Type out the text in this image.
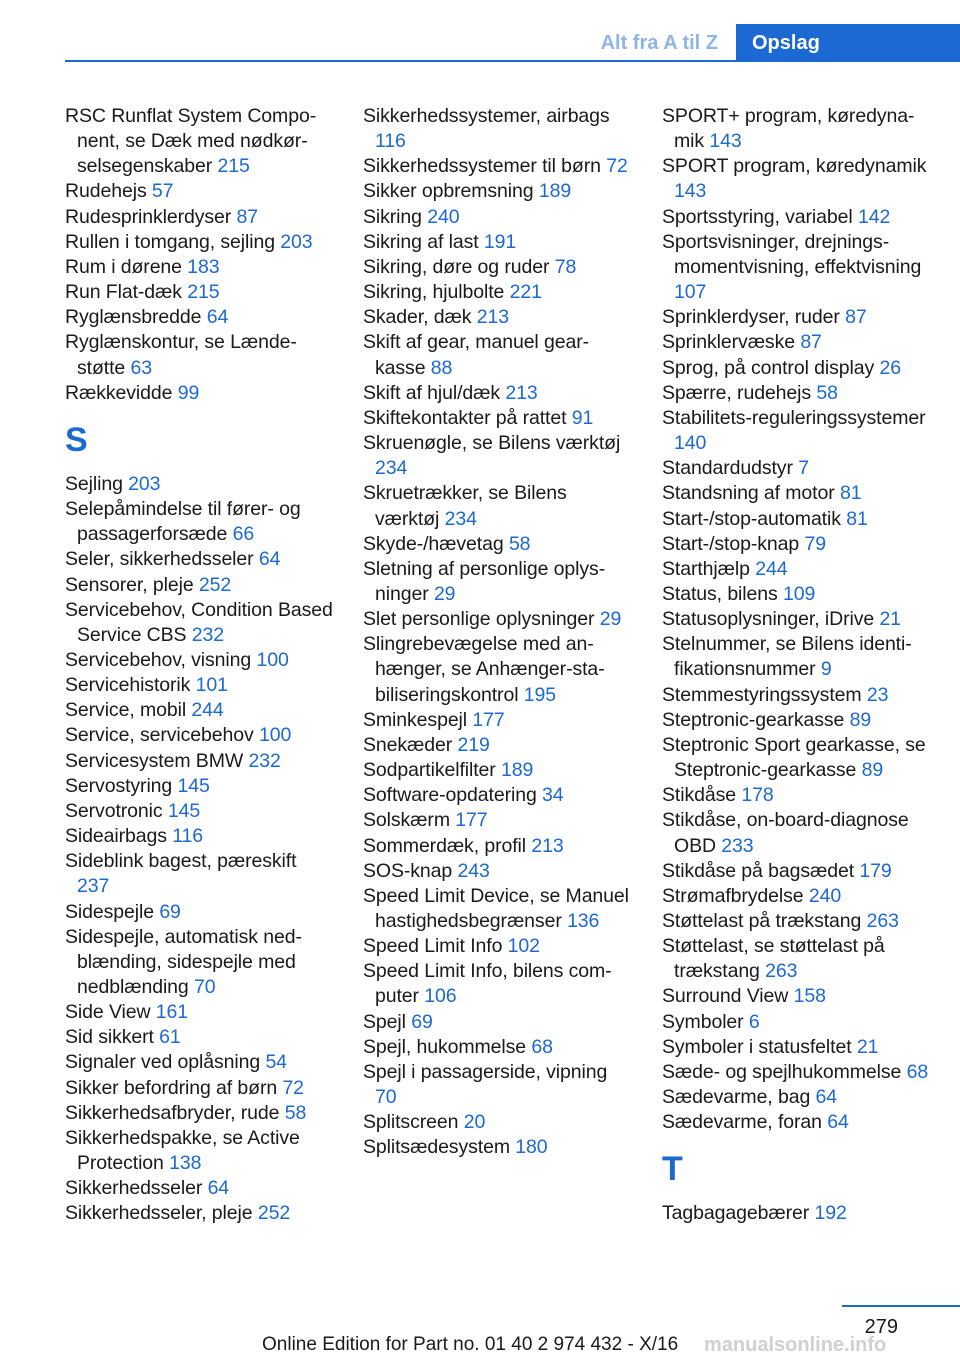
Alt fra A til Z	Opslag
RSC Runflat System Component, se Dæk med nødkørselsegenskaber 215
Rudehejs 57
Rudesprinklerdyser 87
Rullen i tomgang, sejling 203
Rum i dørene 183
Run Flat-dæk 215
Ryglænsbredde 64
Ryglænskontur, se Lændestøtte 63
Rækkevidde 99
S
Sejling 203
Selepåmindelse til fører- og passagerforsæde 66
Seler, sikkerhedsseler 64
Sensorer, pleje 252
Servicebehov, Condition Based Service CBS 232
Servicebehov, visning 100
Servicehistorik 101
Service, mobil 244
Service, servicebehov 100
Servicesystem BMW 232
Servostyring 145
Servotronic 145
Sideairbags 116
Sideblink bagest, pæreskift 237
Sidespejle 69
Sidespejle, automatisk nedblænding, sidespejle med nedblænding 70
Side View 161
Sid sikkert 61
Signaler ved oplåsning 54
Sikker befordring af børn 72
Sikkerhedsafbryder, rude 58
Sikkerhedspakke, se Active Protection 138
Sikkerhedsseler 64
Sikkerhedsseler, pleje 252
Sikkerhedssystemer, airbags 116
Sikkerhedssystemer til børn 72
Sikker opbremsning 189
Sikring 240
Sikring af last 191
Sikring, døre og ruder 78
Sikring, hjulbolte 221
Skader, dæk 213
Skift af gear, manuel gearkasse 88
Skift af hjul/dæk 213
Skiftekontakter på rattet 91
Skruenøgle, se Bilens værktøj 234
Skruetrækker, se Bilens værktøj 234
Skyde-/hævetag 58
Sletning af personlige oplysninger 29
Slet personlige oplysninger 29
Slingrebevægelse med anhænger, se Anhænger-stabiliseringskontrol 195
Sminkespejl 177
Snekæder 219
Sodpartikelfilter 189
Software-opdatering 34
Solskærm 177
Sommerdæk, profil 213
SOS-knap 243
Speed Limit Device, se Manuel hastighedsbegrænser 136
Speed Limit Info 102
Speed Limit Info, bilens computer 106
Spejl 69
Spejl, hukommelse 68
Spejl i passagerside, vipning 70
Splitscreen 20
Splitsædesystem 180
SPORT+ program, køredynamik 143
SPORT program, køredynamik 143
Sportsstyring, variabel 142
Sportsvisninger, drejningsmomentvisning, effektvisning 107
Sprinklerdyser, ruder 87
Sprinklervæske 87
Sprog, på control display 26
Spærre, rudehejs 58
Stabilitets-reguleringssystemer 140
Standardudstyr 7
Standsning af motor 81
Start-/stop-automatik 81
Start-/stop-knap 79
Starthjælp 244
Status, bilens 109
Statusoplysninger, iDrive 21
Stelnummer, se Bilens identifikationsnummer 9
Stemmestyringssystem 23
Steptronic-gearkasse 89
Steptronic Sport gearkasse, se Steptronic-gearkasse 89
Stikdåse 178
Stikdåse, on-board-diagnose OBD 233
Stikdåse på bagsædet 179
Strømafbrydelse 240
Støttelast på trækstang 263
Støttelast, se støttelast på trækstang 263
Surround View 158
Symboler 6
Symboler i statusfeltet 21
Sæde- og spejlhukommelse 68
Sædevarme, bag 64
Sædevarme, foran 64
T
Tagbagagebærer 192
279
Online Edition for Part no. 01 40 2 974 432 - X/16 manualsonline.info
